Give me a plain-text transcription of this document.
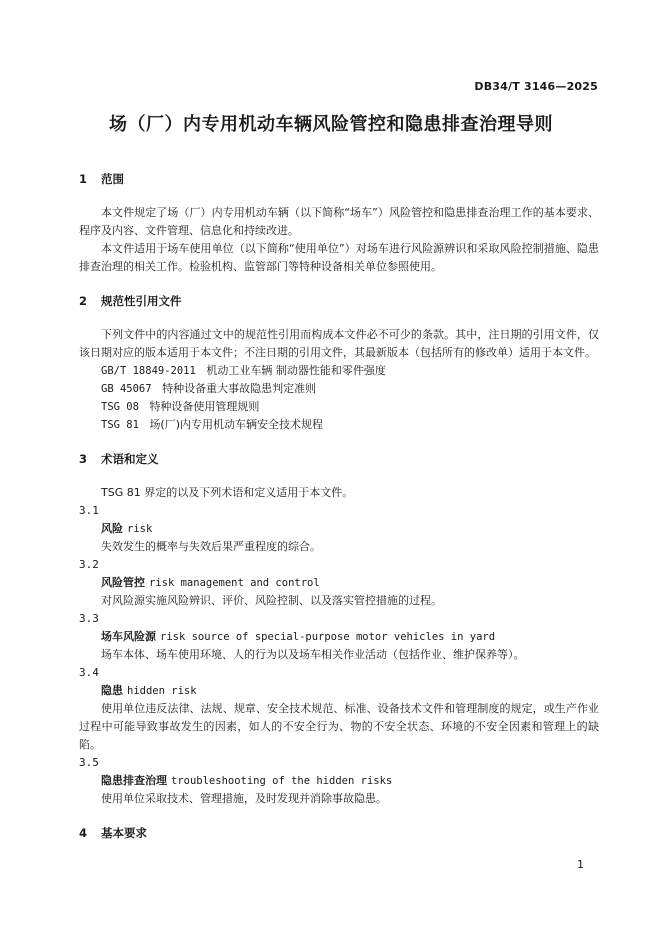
DB34/T 3146—2025
场（厂）内专用机动车辆风险管控和隐患排查治理导则

1 范围

本文件规定了场（厂）内专用机动车辆（以下简称“场车”）风险管控和隐患排查治理工作的基本要求、程序及内容、文件管理、信息化和持续改进。

本文件适用于场车使用单位（以下简称“使用单位”）对场车进行风险源辨识和采取风险控制措施、隐患排查治理的相关工作。检验机构、监管部门等特种设备相关单位参照使用。

2 规范性引用文件

下列文件中的内容通过文中的规范性引用而构成本文件必不可少的条款。其中，注日期的引用文件，仅该日期对应的版本适用于本文件；不注日期的引用文件，其最新版本（包括所有的修改单）适用于本文件。

GB/T 18849-2011 机动工业车辆 制动器性能和零件强度

GB 45067 特种设备重大事故隐患判定准则

TSG 08 特种设备使用管理规则

TSG 81 场(厂)内专用机动车辆安全技术规程

3 术语和定义

TSG 81 界定的以及下列术语和定义适用于本文件。

3.1

风险 risk

失效发生的概率与失效后果严重程度的综合。

3.2

风险管控 risk management and control

对风险源实施风险辨识、评价、风险控制、以及落实管控措施的过程。

3.3

场车风险源 risk source of special-purpose motor vehicles in yard

场车本体、场车使用环境、人的行为以及场车相关作业活动（包括作业、维护保养等）。

3.4

隐患 hidden risk

使用单位违反法律、法规、规章、安全技术规范、标准、设备技术文件和管理制度的规定，或生产作业过程中可能导致事故发生的因素，如人的不安全行为、物的不安全状态、环境的不安全因素和管理上的缺陷。

3.5

隐患排查治理 troubleshooting of the hidden risks

使用单位采取技术、管理措施，及时发现并消除事故隐患。

4 基本要求

1
